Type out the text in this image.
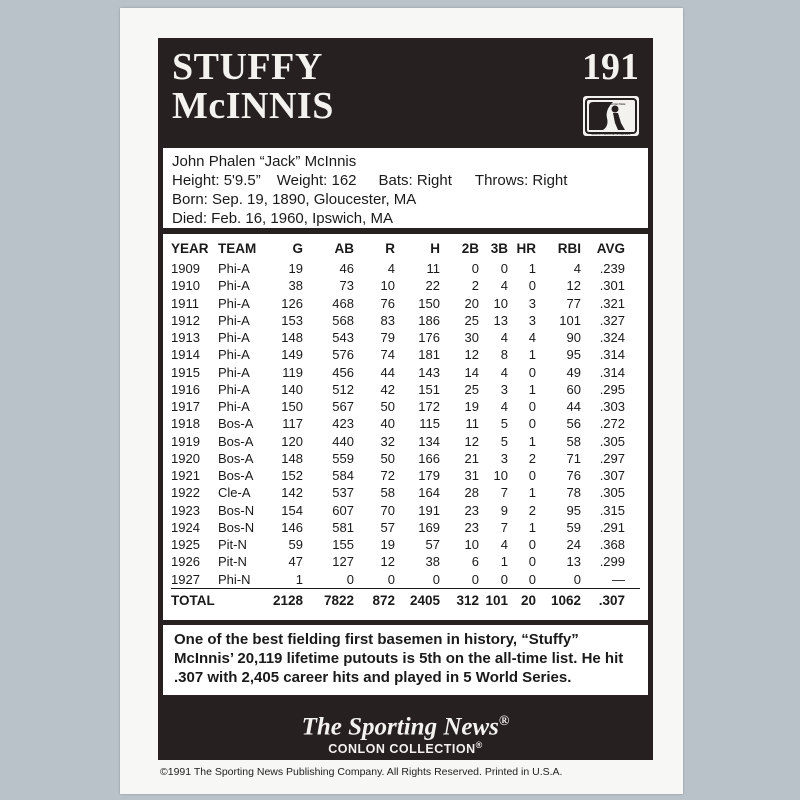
STUFFY
McINNIS
191
OFFICIAL LICENSEE
MAJOR LEAGUE BASEBALL
John Phalen “Jack” McInnis
Height: 5'9.5” Weight: 162 Bats: Right Throws: Right
Born: Sep. 19, 1890, Gloucester, MA
Died: Feb. 16, 1960, Ipswich, MA
YEAR TEAM	G AB R	H 2B 3B HR RBI AVG
1909 Phi-A	19	46	4 11 0 0 1	4 .239
1910 Phi-A	38	73 10 22 2 4 0 12 .301
1911 Phi-A 126 468 76 150 20 10 3 77 .321
1912 Phi-A 153 568 83 186 25 13 3 101 .327
1913 Phi-A 148 543 79 176 30 4 4 90 .324
1914 Phi-A 149 576 74 181 12 8 1 95 .314
1915 Phi-A 119 456 44 143 14 4 0 49 .314
1916 Phi-A 140 512 42 151 25 3 1 60 .295
1917 Phi-A 150 567 50 172 19 4 0 44 .303
1918 Bos-A 117 423 40 115 11 5 0 56 .272
1919 Bos-A 120 440 32 134 12 5 1 58 .305
1920 Bos-A 148 559 50 166 21 3 2 71 .297
1921 Bos-A 152 584 72 179 31 10 0 76 .307
1922 Cle-A 142 537 58 164 28 7 1 78 .305
1923 Bos-N 154 607 70 191 23 9 2 95 .315
1924 Bos-N 146 581 57 169 23 7 1 59 .291
1925 Pit-N	59 155 19 57 10 4 0 24 .368
1926 Pit-N	47 127 12 38 6 1 0 13 .299
1927 Phi-N	1	0	0	0 0 0 0	0 —
TOTAL	2128 7822 872 2405 312 101 20 1062 .307
One of the best fielding first basemen in history, “Stuffy” McInnis’ 20,119 lifetime putouts is 5th on the all-time list. He hit .307 with 2,405 career hits and played in 5 World Series.
The Sporting News®
CONLON COLLECTION®
©1991 The Sporting News Publishing Company. All Rights Reserved. Printed in U.S.A.
